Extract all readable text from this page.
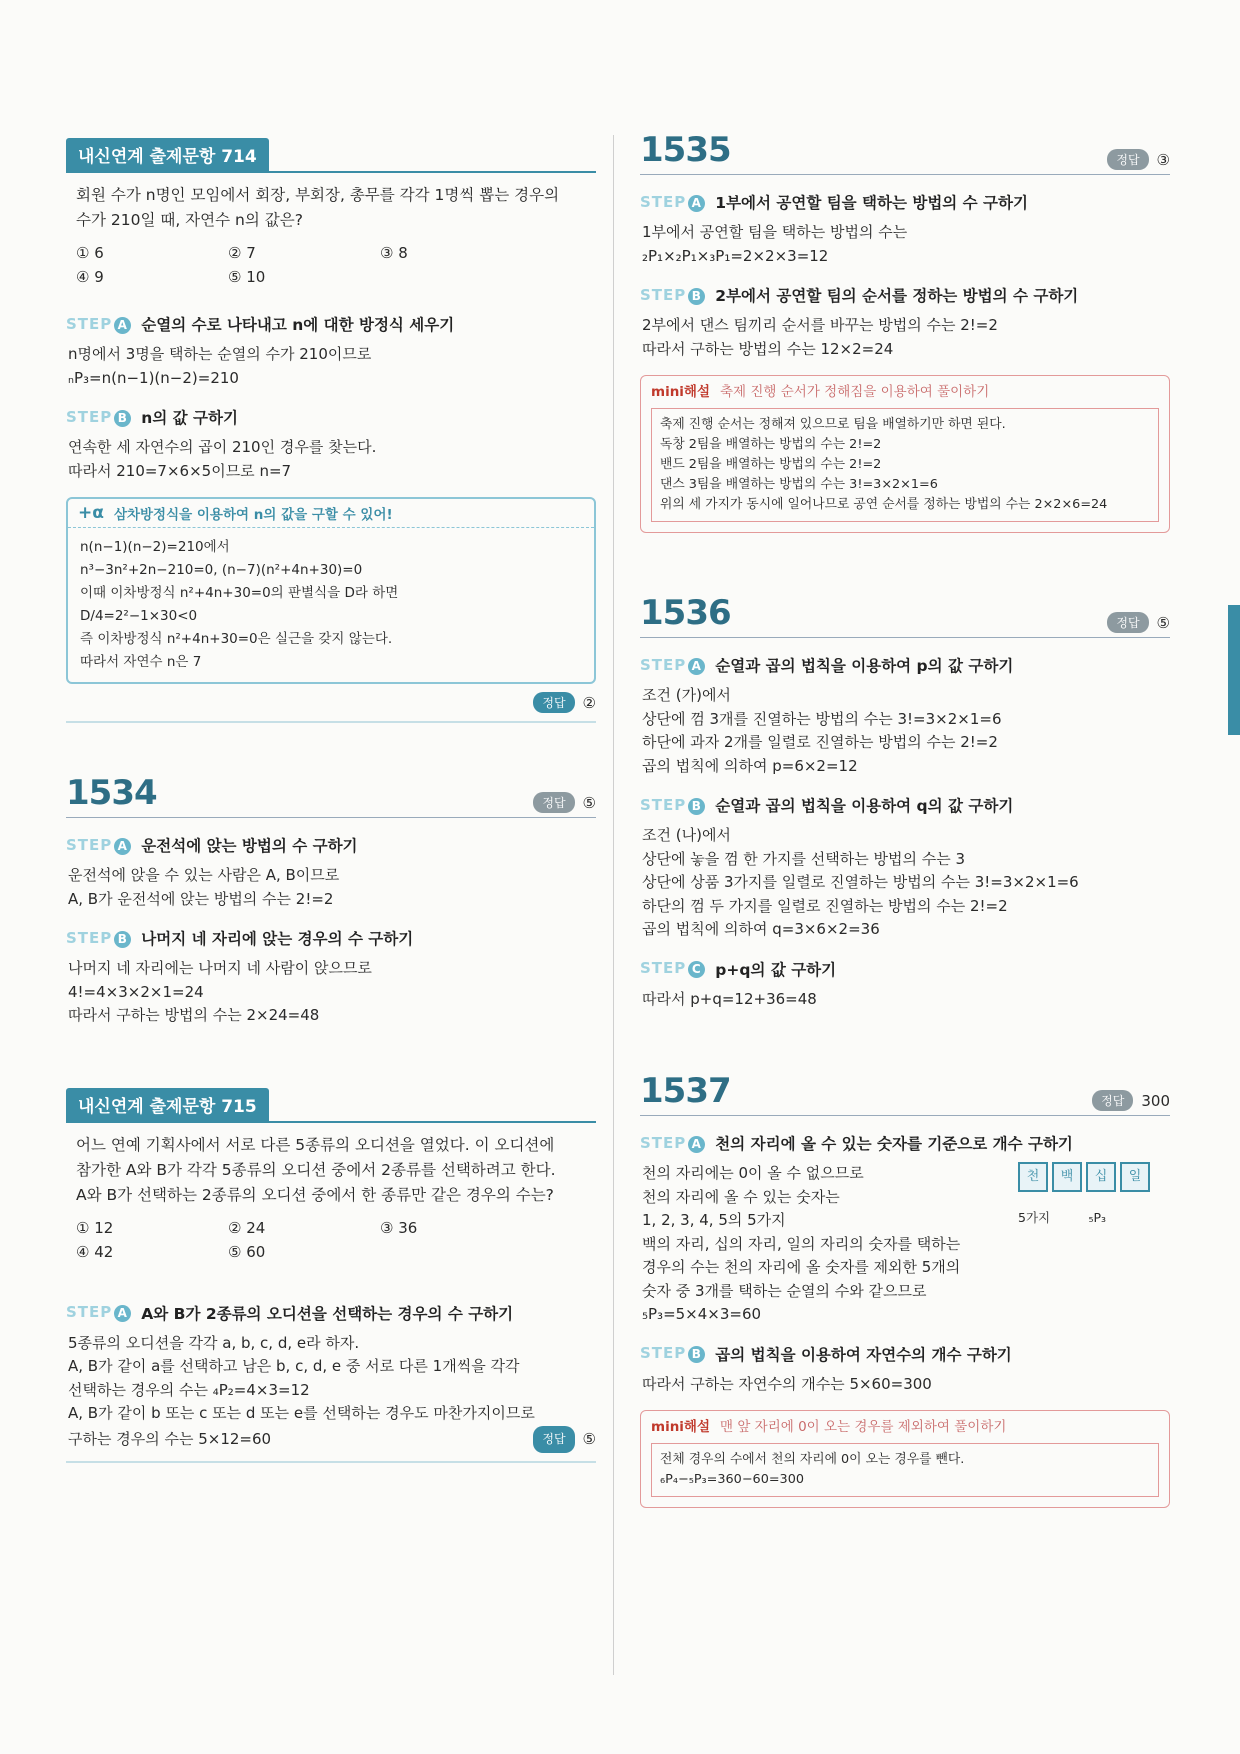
내신연계 출제문항 714
회원 수가 n명인 모임에서 회장, 부회장, 총무를 각각 1명씩 뽑는 경우의
수가 210일 때, 자연수 n의 값은?
① 6	② 7	③ 8
④ 9	⑤ 10
STEP A 순열의 수로 나타내고 n에 대한 방정식 세우기
n명에서 3명을 택하는 순열의 수가 210이므로
ₙP₃=n(n−1)(n−2)=210
STEP B n의 값 구하기
연속한 세 자연수의 곱이 210인 경우를 찾는다.
따라서 210=7×6×5이므로 n=7
+α 삼차방정식을 이용하여 n의 값을 구할 수 있어!
n(n−1)(n−2)=210에서
n³−3n²+2n−210=0, (n−7)(n²+4n+30)=0
이때 이차방정식 n²+4n+30=0의 판별식을 D라 하면
D/4=2²−1×30<0
즉 이차방정식 n²+4n+30=0은 실근을 갖지 않는다.
따라서 자연수 n은 7
정답	②
1534	정답	⑤
STEP A 운전석에 앉는 방법의 수 구하기
운전석에 앉을 수 있는 사람은 A, B이므로
A, B가 운전석에 앉는 방법의 수는 2!=2
STEP B 나머지 네 자리에 앉는 경우의 수 구하기
나머지 네 자리에는 나머지 네 사람이 앉으므로
4!=4×3×2×1=24
따라서 구하는 방법의 수는 2×24=48
내신연계 출제문항 715
어느 연예 기획사에서 서로 다른 5종류의 오디션을 열었다. 이 오디션에
참가한 A와 B가 각각 5종류의 오디션 중에서 2종류를 선택하려고 한다.
A와 B가 선택하는 2종류의 오디션 중에서 한 종류만 같은 경우의 수는?
① 12	② 24	③ 36
④ 42	⑤ 60
STEP A A와 B가 2종류의 오디션을 선택하는 경우의 수 구하기
5종류의 오디션을 각각 a, b, c, d, e라 하자.
A, B가 같이 a를 선택하고 남은 b, c, d, e 중 서로 다른 1개씩을 각각
선택하는 경우의 수는 ₄P₂=4×3=12
A, B가 같이 b 또는 c 또는 d 또는 e를 선택하는 경우도 마찬가지이므로
구하는 경우의 수는 5×12=60	정답	⑤
1535	정답	③
STEP A 1부에서 공연할 팀을 택하는 방법의 수 구하기
1부에서 공연할 팀을 택하는 방법의 수는
₂P₁×₂P₁×₃P₁=2×2×3=12
STEP B 2부에서 공연할 팀의 순서를 정하는 방법의 수 구하기
2부에서 댄스 팀끼리 순서를 바꾸는 방법의 수는 2!=2
따라서 구하는 방법의 수는 12×2=24
mini해설 축제 진행 순서가 정해짐을 이용하여 풀이하기
축제 진행 순서는 정해져 있으므로 팀을 배열하기만 하면 된다.
독창 2팀을 배열하는 방법의 수는 2!=2
밴드 2팀을 배열하는 방법의 수는 2!=2
댄스 3팀을 배열하는 방법의 수는 3!=3×2×1=6
위의 세 가지가 동시에 일어나므로 공연 순서를 정하는 방법의 수는 2×2×6=24
1536	정답	⑤
STEP A 순열과 곱의 법칙을 이용하여 p의 값 구하기
조건 (가)에서
상단에 껌 3개를 진열하는 방법의 수는 3!=3×2×1=6
하단에 과자 2개를 일렬로 진열하는 방법의 수는 2!=2
곱의 법칙에 의하여 p=6×2=12
STEP B 순열과 곱의 법칙을 이용하여 q의 값 구하기
조건 (나)에서
상단에 놓을 껌 한 가지를 선택하는 방법의 수는 3
상단에 상품 3가지를 일렬로 진열하는 방법의 수는 3!=3×2×1=6
하단의 껌 두 가지를 일렬로 진열하는 방법의 수는 2!=2
곱의 법칙에 의하여 q=3×6×2=36
STEP C p+q의 값 구하기
따라서 p+q=12+36=48
1537	정답	300
STEP A 천의 자리에 올 수 있는 숫자를 기준으로 개수 구하기
천의 자리에는 0이 올 수 없으므로
천의 자리에 올 수 있는 숫자는
1, 2, 3, 4, 5의 5가지
백의 자리, 십의 자리, 일의 자리의 숫자를 택하는
경우의 수는 천의 자리에 올 숫자를 제외한 5개의
숫자 중 3개를 택하는 순열의 수와 같으므로
₅P₃=5×4×3=60
천	백	십	일
5가지	₅P₃
STEP B 곱의 법칙을 이용하여 자연수의 개수 구하기
따라서 구하는 자연수의 개수는 5×60=300
mini해설 맨 앞 자리에 0이 오는 경우를 제외하여 풀이하기
전체 경우의 수에서 천의 자리에 0이 오는 경우를 뺀다.
₆P₄−₅P₃=360−60=300
